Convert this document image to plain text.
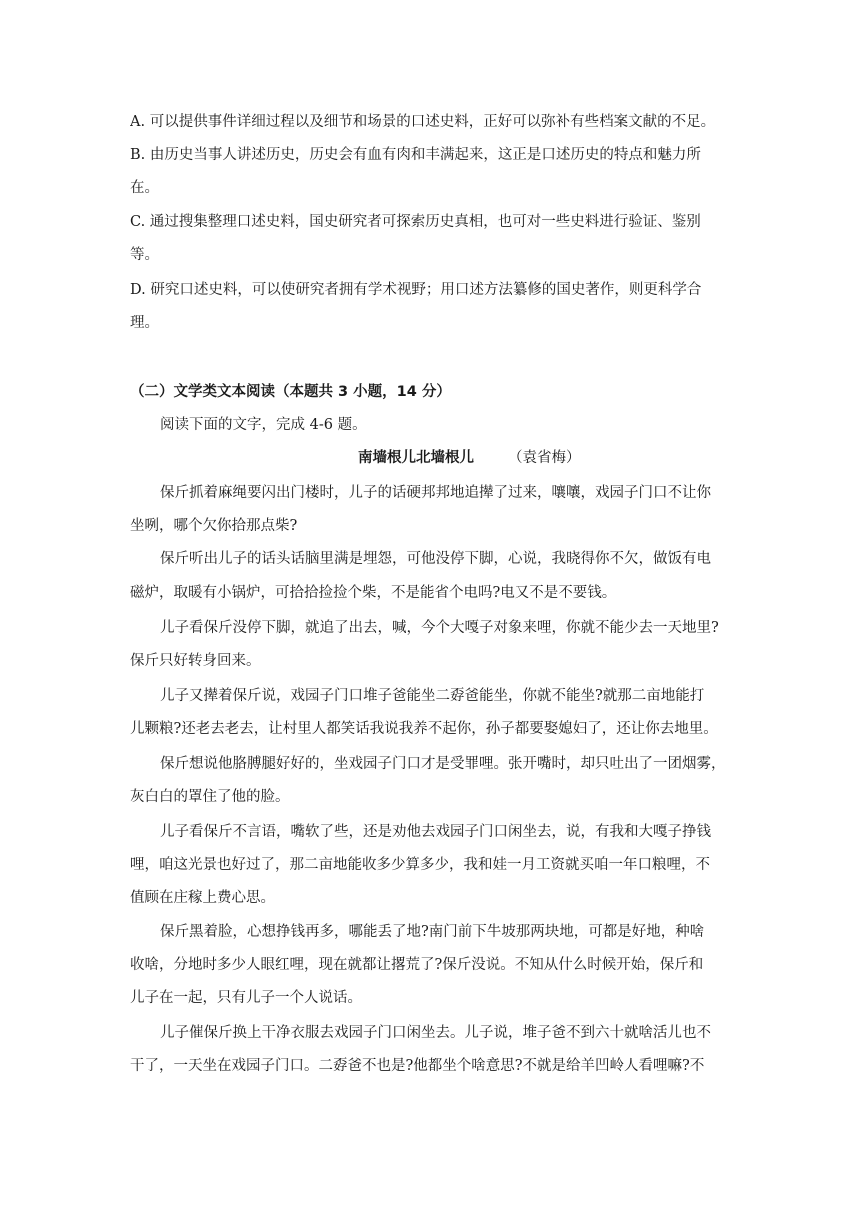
A. 可以提供事件详细过程以及细节和场景的口述史料，正好可以弥补有些档案文献的不足。
B. 由历史当事人讲述历史，历史会有血有肉和丰满起来，这正是口述历史的特点和魅力所
在。
C. 通过搜集整理口述史料，国史研究者可探索历史真相，也可对一些史料进行验证、鉴别
等。
D. 研究口述史料，可以使研究者拥有学术视野；用口述方法纂修的国史著作，则更科学合
理。
（二）文学类文本阅读（本题共 3 小题，14 分）
阅读下面的文字，完成 4-6 题。
南墙根儿北墙根儿 （袁省梅）
保斤抓着麻绳要闪出门楼时，儿子的话硬邦邦地追撵了过来，嚷嚷，戏园子门口不让你
坐咧，哪个欠你拾那点柴?
保斤听出儿子的话头话脑里满是埋怨，可他没停下脚，心说，我晓得你不欠，做饭有电
磁炉，取暖有小锅炉，可拾拾捡捡个柴，不是能省个电吗?电又不是不要钱。
儿子看保斤没停下脚，就追了出去，喊，今个大嘎子对象来哩，你就不能少去一天地里?
保斤只好转身回来。
儿子又撵着保斤说，戏园子门口堆子爸能坐二孬爸能坐，你就不能坐?就那二亩地能打
儿颗粮?还老去老去，让村里人都笑话我说我养不起你，孙子都要娶媳妇了，还让你去地里。
保斤想说他胳膊腿好好的，坐戏园子门口才是受罪哩。张开嘴时，却只吐出了一团烟雾，
灰白白的罩住了他的脸。
儿子看保斤不言语，嘴软了些，还是劝他去戏园子门口闲坐去，说，有我和大嘎子挣钱
哩，咱这光景也好过了，那二亩地能收多少算多少，我和娃一月工资就买咱一年口粮哩，不
值顾在庄稼上费心思。
保斤黑着脸，心想挣钱再多，哪能丢了地?南门前下牛坡那两块地，可都是好地，种啥
收啥，分地时多少人眼红哩，现在就都让撂荒了?保斤没说。不知从什么时候开始，保斤和
儿子在一起，只有儿子一个人说话。
儿子催保斤换上干净衣服去戏园子门口闲坐去。儿子说，堆子爸不到六十就啥活儿也不
干了，一天坐在戏园子门口。二孬爸不也是?他都坐个啥意思?不就是给羊凹岭人看哩嘛?不
